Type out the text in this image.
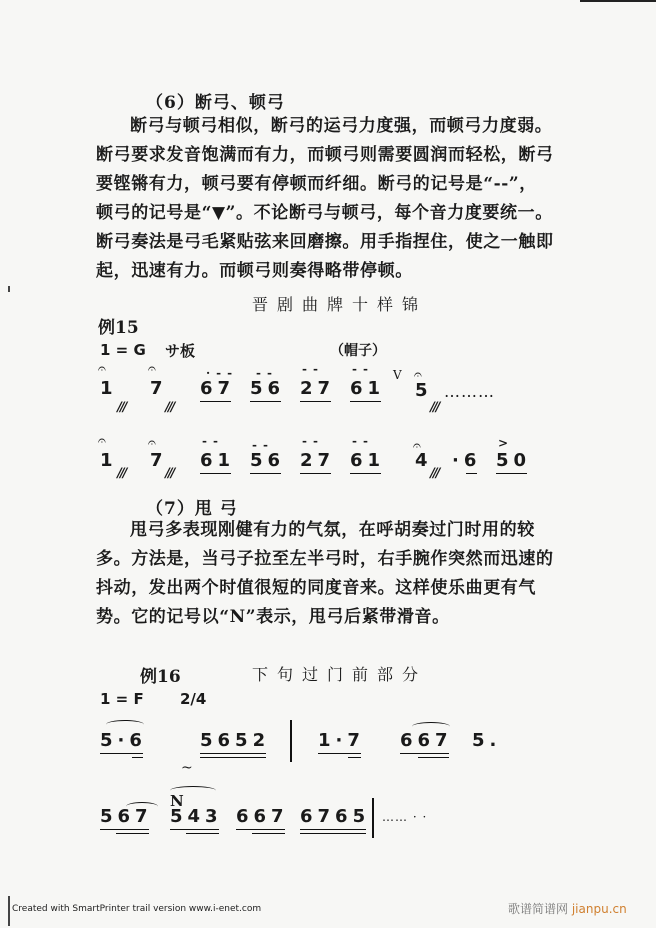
（6）断弓、顿弓

断弓与顿弓相似，断弓的运弓力度强，而顿弓力度弱。

断弓要求发音饱满而有力，而顿弓则需要圆润而轻松，断弓

要铿锵有力，顿弓要有停顿而纤细。断弓的记号是“--”，

顿弓的记号是“▼”。不论断弓与顿弓，每个音力度要统一。

断弓奏法是弓毛紧贴弦来回磨擦。用手指捏住，使之一触即

起，迅速有力。而顿弓则奏得略带停顿。

晋剧曲牌十样锦
例15
1 = G サ板	（帽子）
𝄐
1
///
𝄐
7
///
·--
67
--
56
--
27
--
61
V 𝄐
5
///
………
𝄐
1
///
𝄐
7
///
--
61
--
56
--
27
--
61
𝄐
4
///
·6
>
50
（7）甩 弓

甩弓多表现刚健有力的气氛，在呼胡奏过门时用的较

多。方法是，当弓子拉至左半弓时，右手腕作突然而迅速的

抖动，发出两个时值很短的同度音来。这样使乐曲更有气

势。它的记号以“N”表示，甩弓后紧带滑音。

例16	下句过门前部分
1 = F 2/4
5·6	5652	1·7 667 5.
~
N
567 543 667 6765 …… · ·
Created with SmartPrinter trail version www.i-enet.com	歌谱简谱网 jianpu.cn
